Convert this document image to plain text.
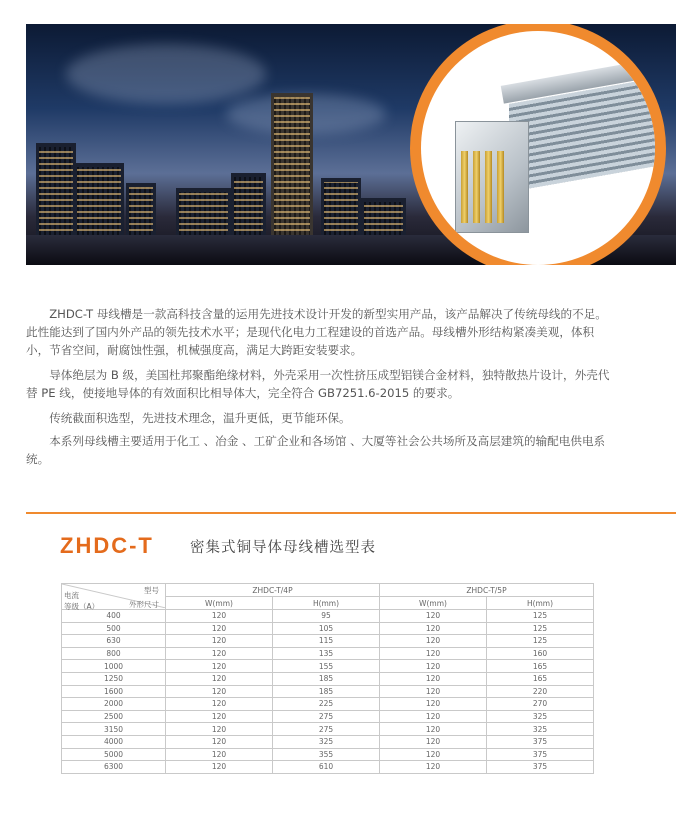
ZHDC-T 母线槽是一款高科技含量的运用先进技术设计开发的新型实用产品，该产品解决了传统母线的不足。此性能达到了国内外产品的领先技术水平；是现代化电力工程建设的首选产品。母线槽外形结构紧凑美观，体积小，节省空间，耐腐蚀性强，机械强度高，满足大跨距安装要求。

导体绝层为 B 级，美国杜邦聚酯绝缘材料，外壳采用一次性挤压成型铝镁合金材料，独特散热片设计，外壳代替 PE 线，使接地导体的有效面积比相导体大，完全符合 GB7251.6-2015 的要求。

传统截面积选型，先进技术理念，温升更低，更节能环保。

本系列母线槽主要适用于化工 、冶金 、工矿企业和各场馆 、大厦等社会公共场所及高层建筑的输配电供电系统。

ZHDC-T 密集式铜导体母线槽选型表
型号
外形尺寸
电流
等级（A）	ZHDC-T/4P		ZHDC-T/5P	
	W(mm)	H(mm)	W(mm)	H(mm)
400	120	95	120	125
500	120	105	120	125
630	120	115	120	125
800	120	135	120	160
1000	120	155	120	165
1250	120	185	120	165
1600	120	185	120	220
2000	120	225	120	270
2500	120	275	120	325
3150	120	275	120	325
4000	120	325	120	375
5000	120	355	120	375
6300	120	610	120	375
